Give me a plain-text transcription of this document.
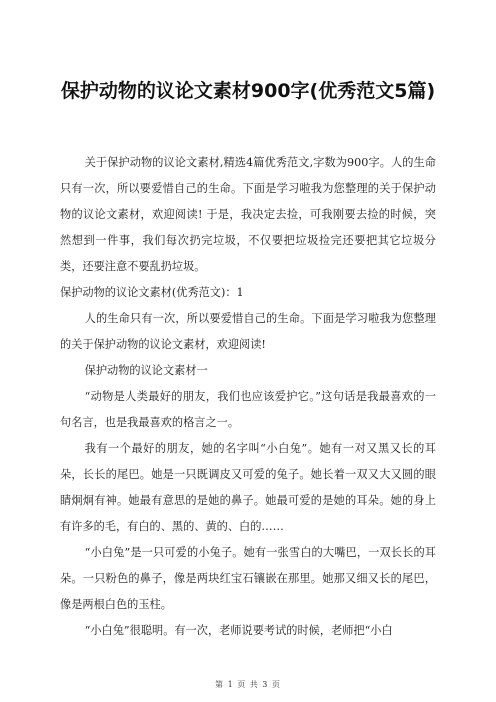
保护动物的议论文素材900字(优秀范文5篇)

关于保护动物的议论文素材,精选4篇优秀范文,字数为900字。人的生命只有一次，所以要爱惜自己的生命。下面是学习啦我为您整理的关于保护动物的议论文素材，欢迎阅读! 于是，我决定去捡，可我刚要去捡的时候，突然想到一件事，我们每次扔完垃圾，不仅要把垃圾捡完还要把其它垃圾分类，还要注意不要乱扔垃圾。

保护动物的议论文素材(优秀范文)：1

人的生命只有一次，所以要爱惜自己的生命。下面是学习啦我为您整理的关于保护动物的议论文素材，欢迎阅读!

保护动物的议论文素材一

“动物是人类最好的朋友，我们也应该爱护它。”这句话是我最喜欢的一句名言，也是我最喜欢的格言之一。

我有一个最好的朋友，她的名字叫“小白兔”。她有一对又黑又长的耳朵，长长的尾巴。她是一只既调皮又可爱的兔子。她长着一双又大又圆的眼睛炯炯有神。她最有意思的是她的鼻子。她最可爱的是她的耳朵。她的身上有许多的毛，有白的、黑的、黄的、白的……

“小白兔”是一只可爱的小兔子。她有一张雪白的大嘴巴，一双长长的耳朵。一只粉色的鼻子，像是两块红宝石镶嵌在那里。她那又细又长的尾巴，像是两根白色的玉柱。

“小白兔”很聪明。有一次，老师说要考试的时候，老师把“小白

第 1 页 共 3 页
